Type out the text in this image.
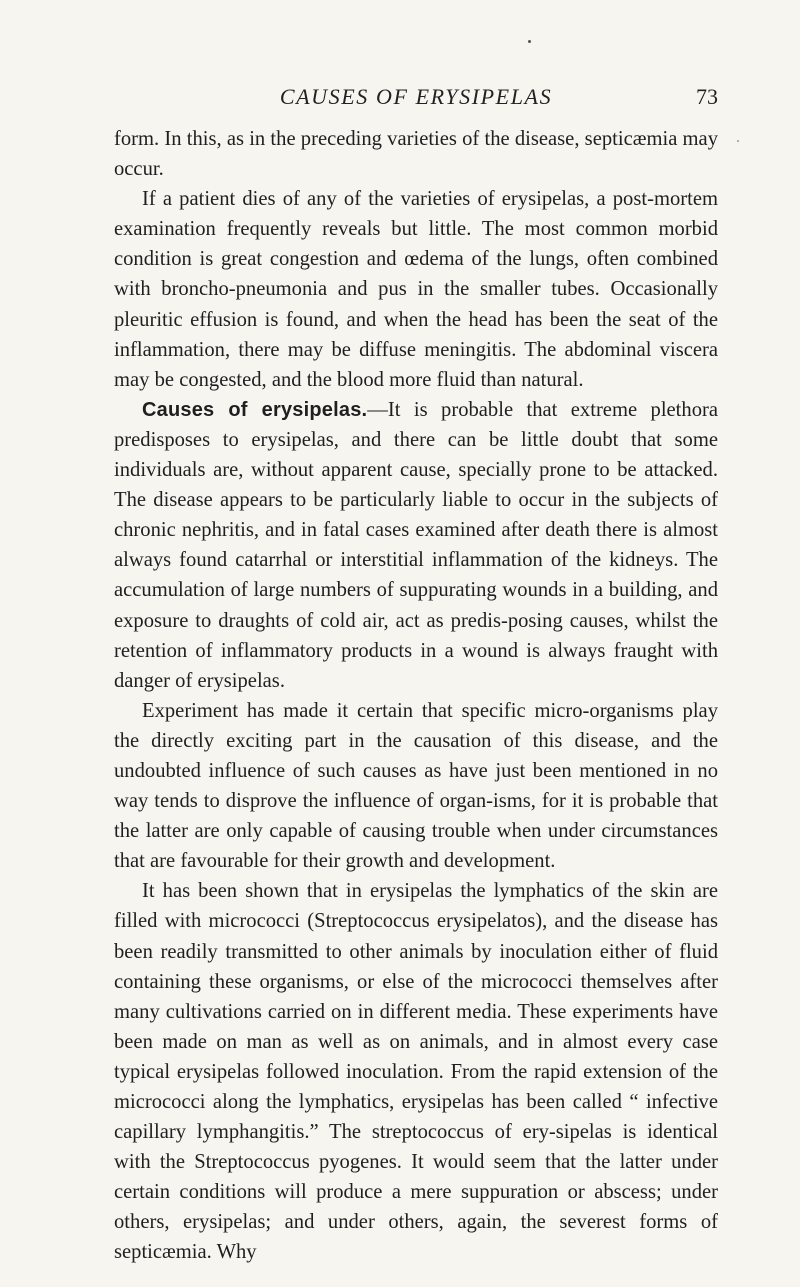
CAUSES OF ERYSIPELAS	73

form. In this, as in the preceding varieties of the disease, septicæmia may occur.

If a patient dies of any of the varieties of erysipelas, a post-mortem examination frequently reveals but little. The most common morbid condition is great congestion and œdema of the lungs, often combined with broncho-pneumonia and pus in the smaller tubes. Occasionally pleuritic effusion is found, and when the head has been the seat of the inflammation, there may be diffuse meningitis. The abdominal viscera may be congested, and the blood more fluid than natural.

Causes of erysipelas.—It is probable that extreme plethora predisposes to erysipelas, and there can be little doubt that some individuals are, without apparent cause, specially prone to be attacked. The disease appears to be particularly liable to occur in the subjects of chronic nephritis, and in fatal cases examined after death there is almost always found catarrhal or interstitial inflammation of the kidneys. The accumulation of large numbers of suppurating wounds in a building, and exposure to draughts of cold air, act as predis-posing causes, whilst the retention of inflammatory products in a wound is always fraught with danger of erysipelas.

Experiment has made it certain that specific micro-organisms play the directly exciting part in the causation of this disease, and the undoubted influence of such causes as have just been mentioned in no way tends to disprove the influence of organ-isms, for it is probable that the latter are only capable of causing trouble when under circumstances that are favourable for their growth and development.

It has been shown that in erysipelas the lymphatics of the skin are filled with micrococci (Streptococcus erysipelatos), and the disease has been readily transmitted to other animals by inoculation either of fluid containing these organisms, or else of the micrococci themselves after many cultivations carried on in different media. These experiments have been made on man as well as on animals, and in almost every case typical erysipelas followed inoculation. From the rapid extension of the micrococci along the lymphatics, erysipelas has been called “ infective capillary lymphangitis.” The streptococcus of ery-sipelas is identical with the Streptococcus pyogenes. It would seem that the latter under certain conditions will produce a mere suppuration or abscess; under others, erysipelas; and under others, again, the severest forms of septicæmia. Why
